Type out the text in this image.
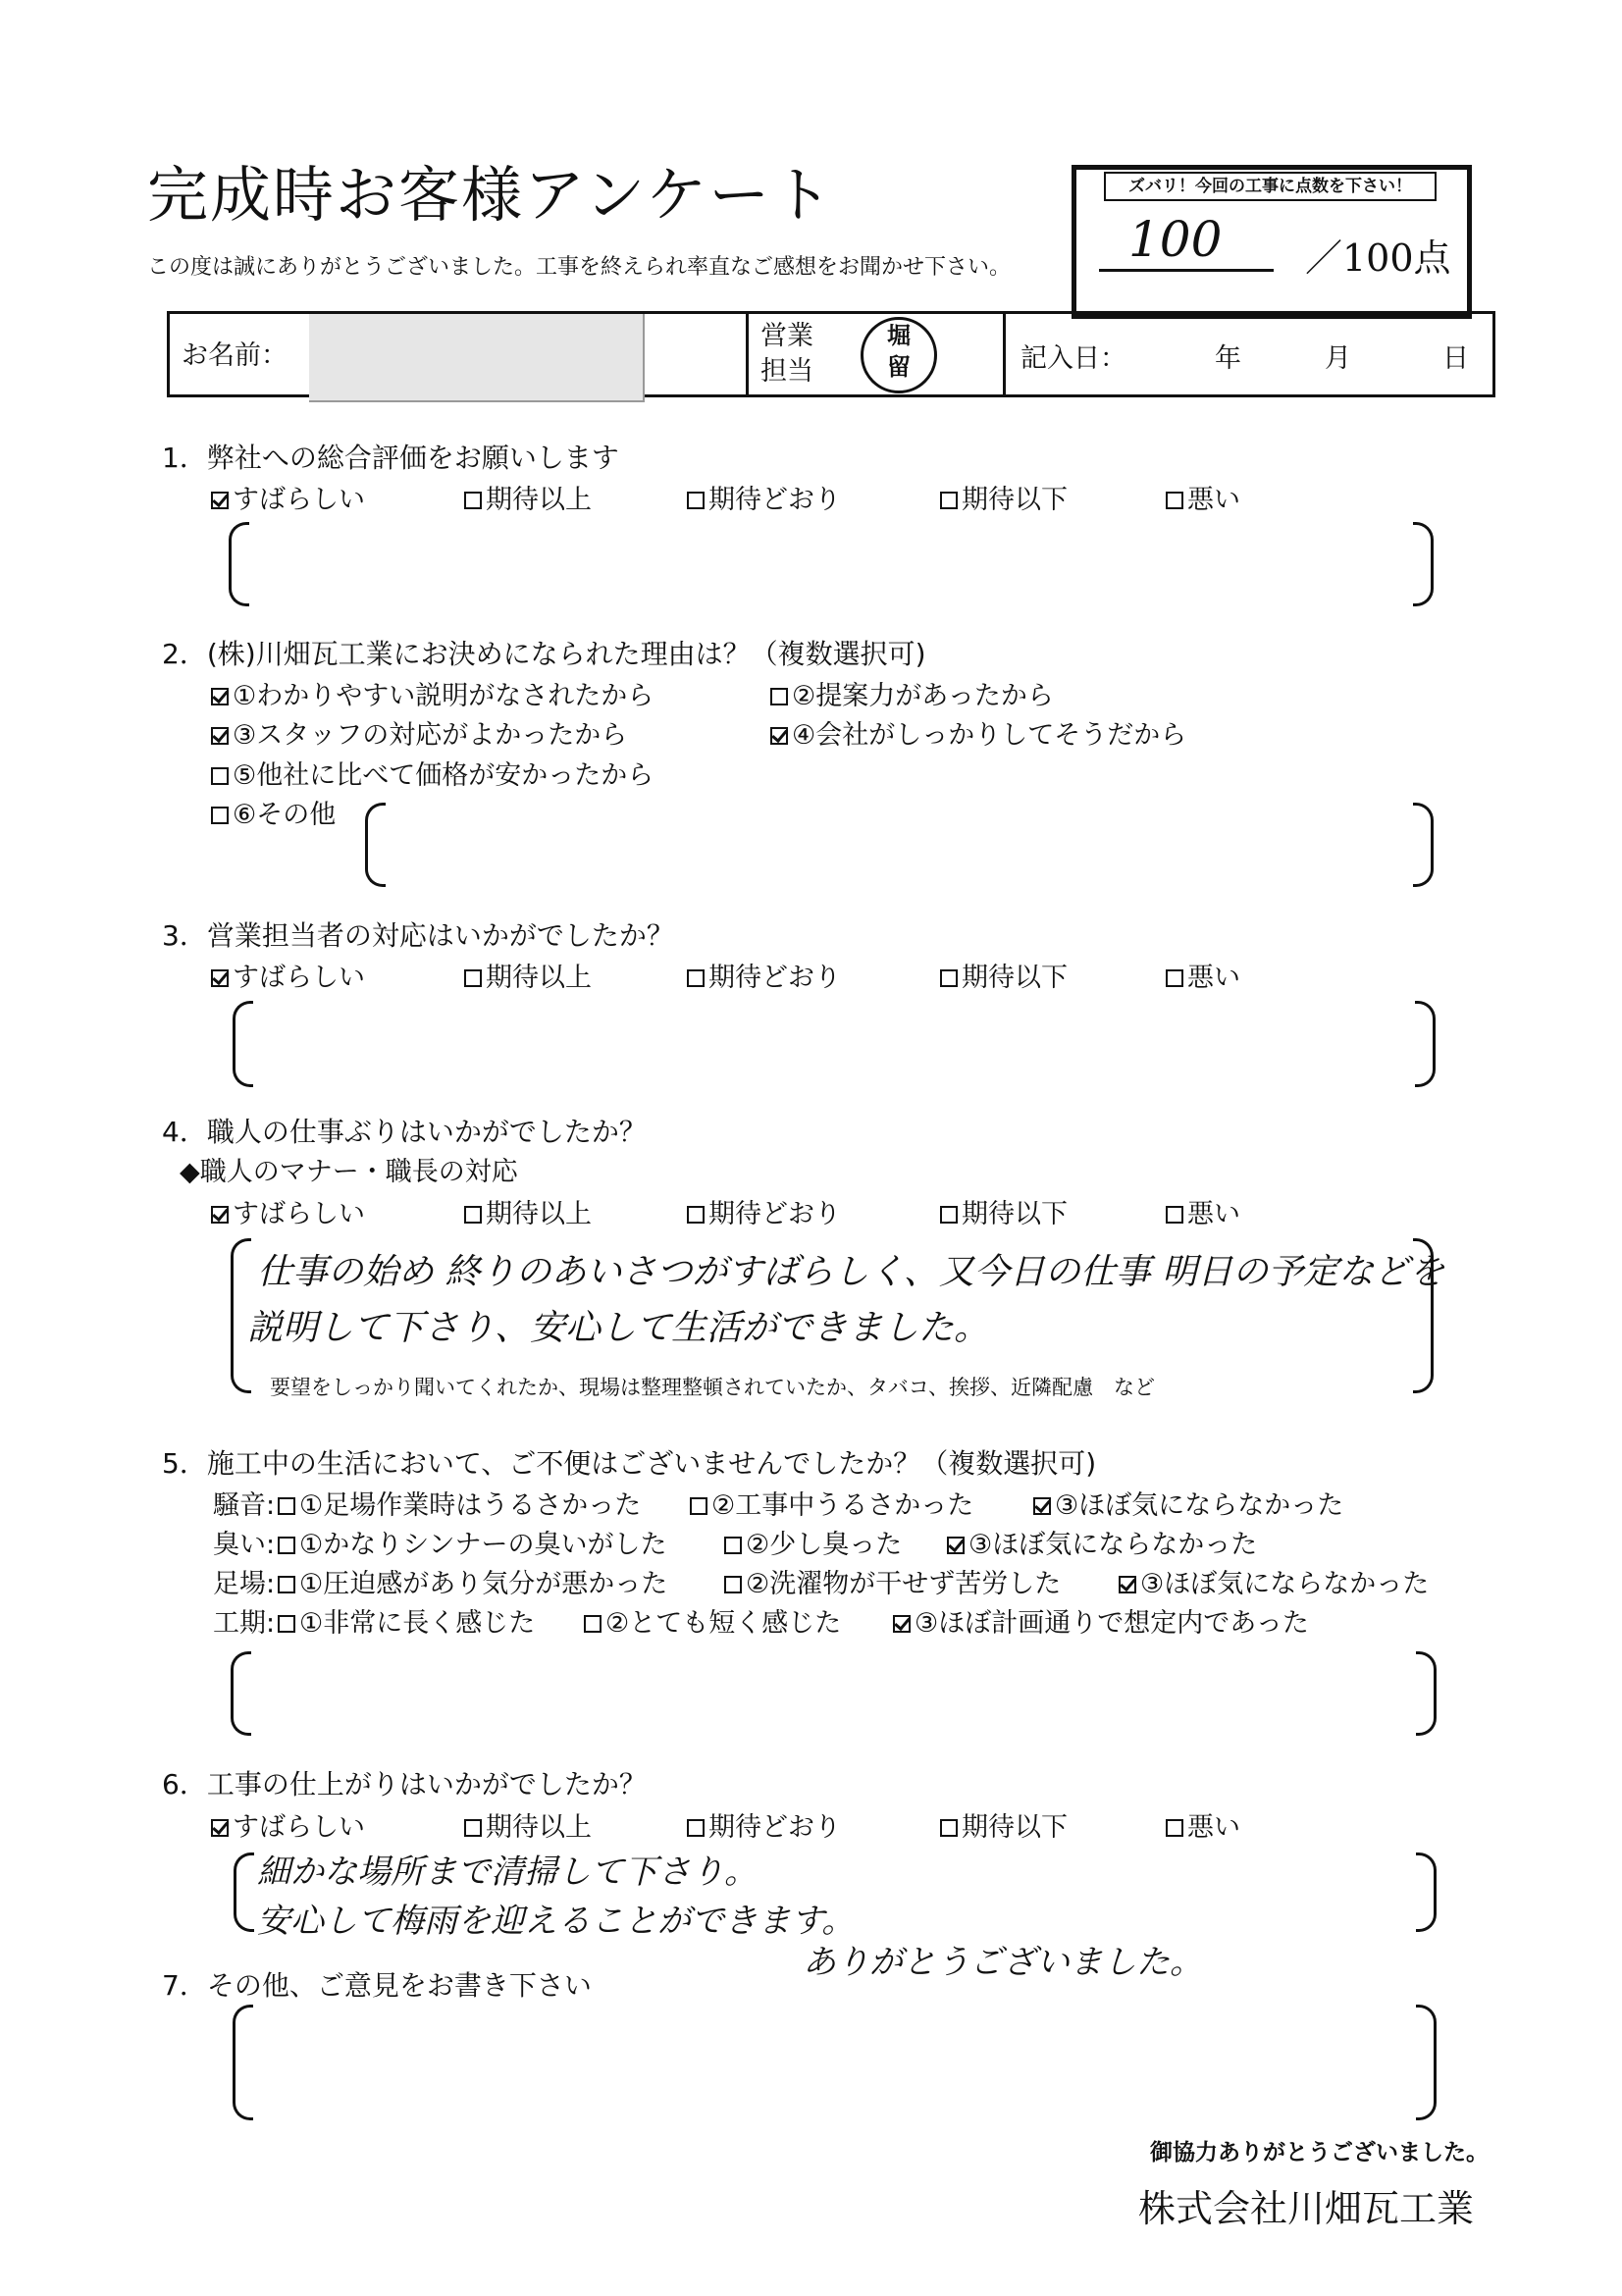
完成時お客様アンケート
この度は誠にありがとうございました。工事を終えられ率直なご感想をお聞かせ下さい。
ズバリ！今回の工事に点数を下さい！
100 ／100点
お名前：
営業
担当
堀
留	記入日：	年	月	日
1．弊社への総合評価をお願いします
すばらしい	期待以上	期待どおり	期待以下	悪い
2．(株)川畑瓦工業にお決めになられた理由は？（複数選択可)
①わかりやすい説明がなされたから	②提案力があったから
③スタッフの対応がよかったから	④会社がしっかりしてそうだから
⑤他社に比べて価格が安かったから
⑥その他
3．営業担当者の対応はいかがでしたか？
すばらしい	期待以上	期待どおり	期待以下	悪い
4．職人の仕事ぶりはいかがでしたか？
◆職人のマナー・職長の対応
すばらしい	期待以上	期待どおり	期待以下	悪い
仕事の始め 終りのあいさつがすばらしく、又今日の仕事 明日の予定などを
説明して下さり、安心して生活ができました。
要望をしっかり聞いてくれたか、現場は整理整頓されていたか、タバコ、挨拶、近隣配慮　など
5．施工中の生活において、ご不便はございませんでしたか？（複数選択可)
騒音: ①足場作業時はうるさかった	②工事中うるさかった	③ほぼ気にならなかった
臭い: ①かなりシンナーの臭いがした	②少し臭った	③ほぼ気にならなかった
足場: ①圧迫感があり気分が悪かった	②洗濯物が干せず苦労した	③ほぼ気にならなかった
工期: ①非常に長く感じた	②とても短く感じた	③ほぼ計画通りで想定内であった
6．工事の仕上がりはいかがでしたか？
すばらしい	期待以上	期待どおり	期待以下	悪い
細かな場所まで清掃して下さり。
安心して梅雨を迎えることができます。
ありがとうございました。
7．その他、ご意見をお書き下さい
御協力ありがとうございました。
株式会社川畑瓦工業
